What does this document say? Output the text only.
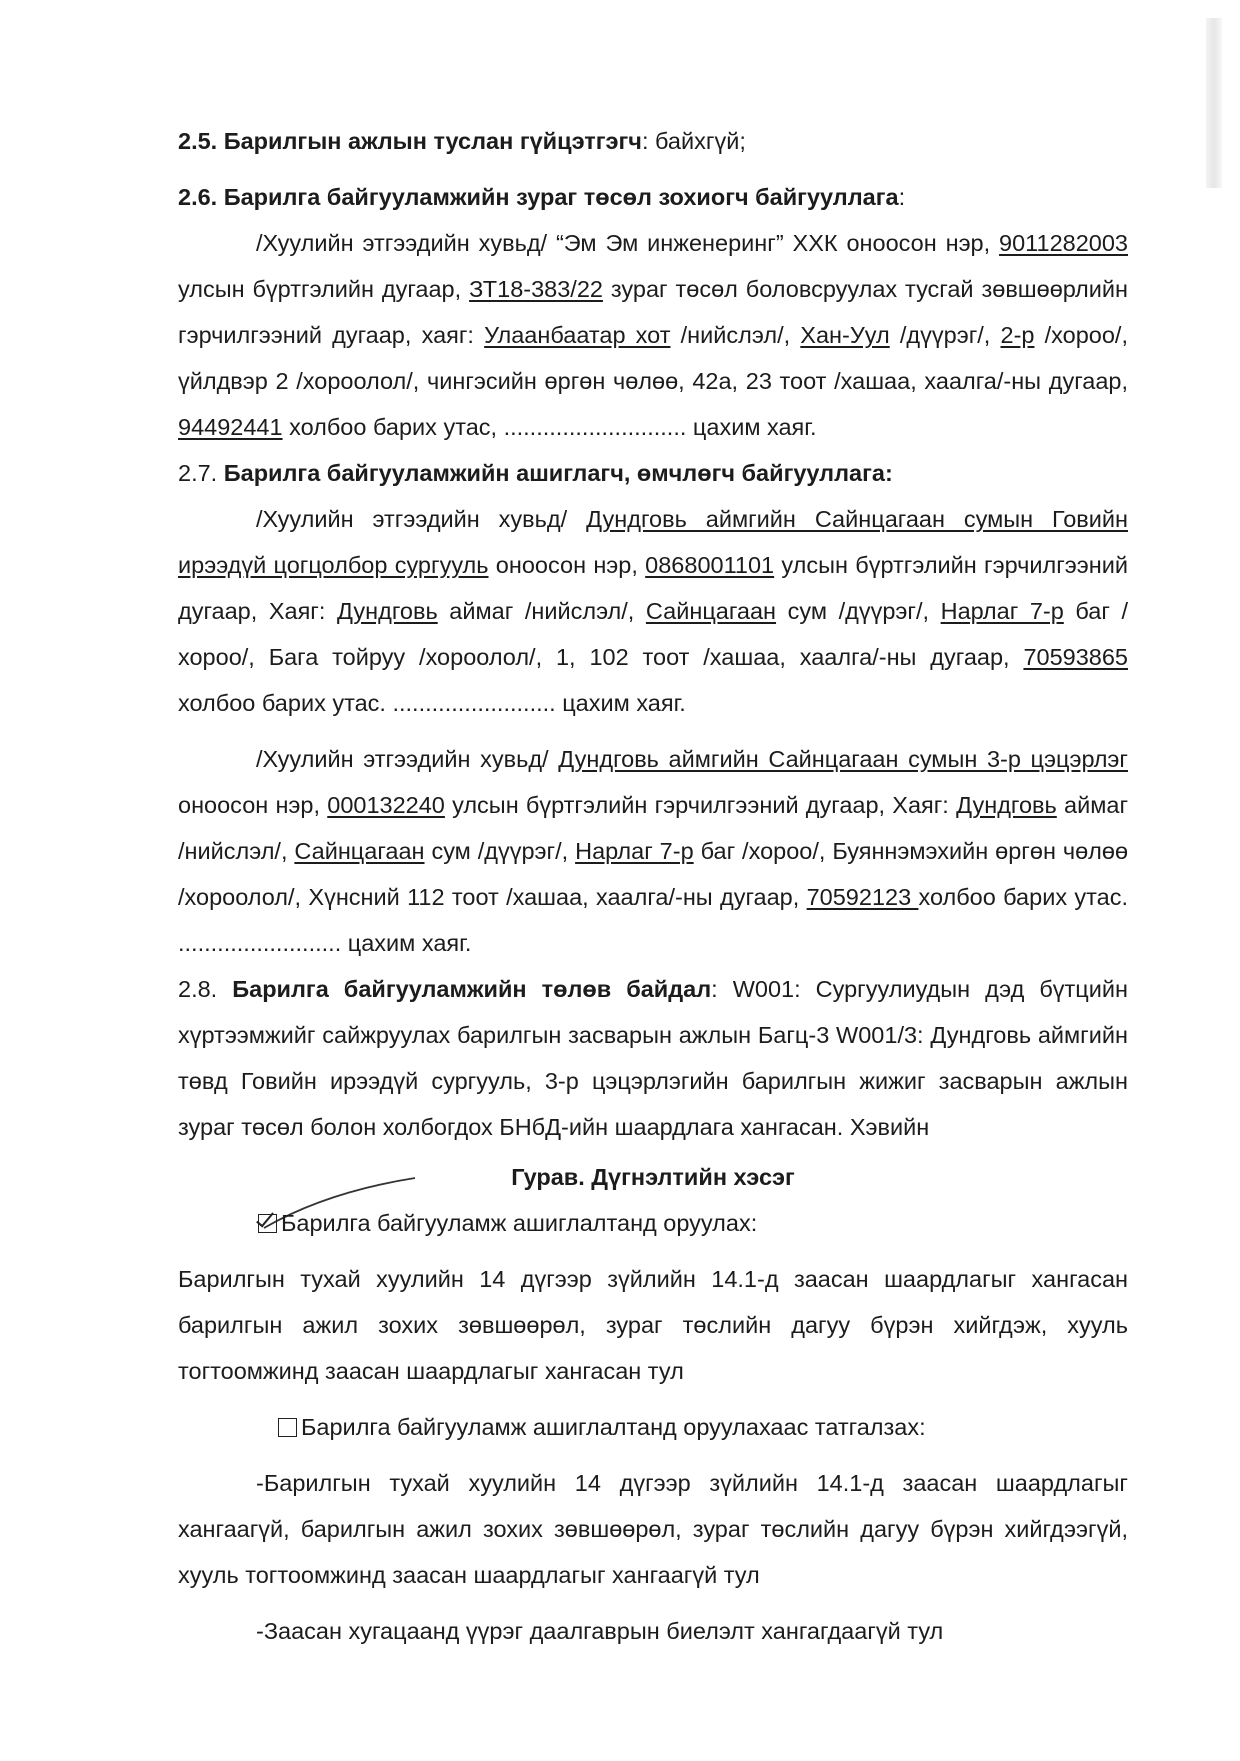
2.5. Барилгын ажлын туслан гүйцэтгэгч: байхгүй;

2.6. Барилга байгууламжийн зураг төсөл зохиогч байгууллага:

/Хуулийн этгээдийн хувьд/ “Эм Эм инженеринг” ХХК оноосон нэр, 9011282003 улсын бүртгэлийн дугаар, ЗТ18-383/22 зураг төсөл боловсруулах тусгай зөвшөөрлийн гэрчилгээний дугаар, хаяг: Улаанбаатар хот /нийслэл/, Хан-Уул /дүүрэг/, 2-р /хороо/, үйлдвэр 2 /хороолол/, чингэсийн өргөн чөлөө, 42а, 23 тоот /хашаа, хаалга/-ны дугаар, 94492441 холбоо барих утас, ............................ цахим хаяг.

2.7. Барилга байгууламжийн ашиглагч, өмчлөгч байгууллага:

/Хуулийн этгээдийн хувьд/ Дундговь аймгийн Сайнцагаан сумын Говийн ирээдүй цогцолбор сургууль оноосон нэр, 0868001101 улсын бүртгэлийн гэрчилгээний дугаар, Хаяг: Дундговь аймаг /нийслэл/, Сайнцагаан сум /дүүрэг/, Нарлаг 7-р баг /хороо/, Бага тойруу /хороолол/, 1, 102 тоот /хашаа, хаалга/-ны дугаар, 70593865 холбоо барих утас. ......................... цахим хаяг.

/Хуулийн этгээдийн хувьд/ Дундговь аймгийн Сайнцагаан сумын 3-р цэцэрлэг оноосон нэр, 000132240 улсын бүртгэлийн гэрчилгээний дугаар, Хаяг: Дундговь аймаг /нийслэл/, Сайнцагаан сум /дүүрэг/, Нарлаг 7-р баг /хороо/, Буяннэмэхийн өргөн чөлөө /хороолол/, Хүнсний 112 тоот /хашаа, хаалга/-ны дугаар, 70592123 холбоо барих утас. ......................... цахим хаяг.

2.8. Барилга байгууламжийн төлөв байдал: W001: Сургуулиудын дэд бүтцийн хүртээмжийг сайжруулах барилгын засварын ажлын Багц-3 W001/3: Дундговь аймгийн төвд Говийн ирээдүй сургууль, 3-р цэцэрлэгийн барилгын жижиг засварын ажлын зураг төсөл болон холбогдох БНбД-ийн шаардлага хангасан. Хэвийн

Гурав. Дүгнэлтийн хэсэг

Барилга байгууламж ашиглалтанд оруулах:

Барилгын тухай хуулийн 14 дүгээр зүйлийн 14.1-д заасан шаардлагыг хангасан барилгын ажил зохих зөвшөөрөл, зураг төслийн дагуу бүрэн хийгдэж, хууль тогтоомжинд заасан шаардлагыг хангасан тул

Барилга байгууламж ашиглалтанд оруулахаас татгалзах:

-Барилгын тухай хуулийн 14 дүгээр зүйлийн 14.1-д заасан шаардлагыг хангаагүй, барилгын ажил зохих зөвшөөрөл, зураг төслийн дагуу бүрэн хийгдээгүй, хууль тогтоомжинд заасан шаардлагыг хангаагүй тул

-Заасан хугацаанд үүрэг даалгаврын биелэлт хангагдаагүй тул
